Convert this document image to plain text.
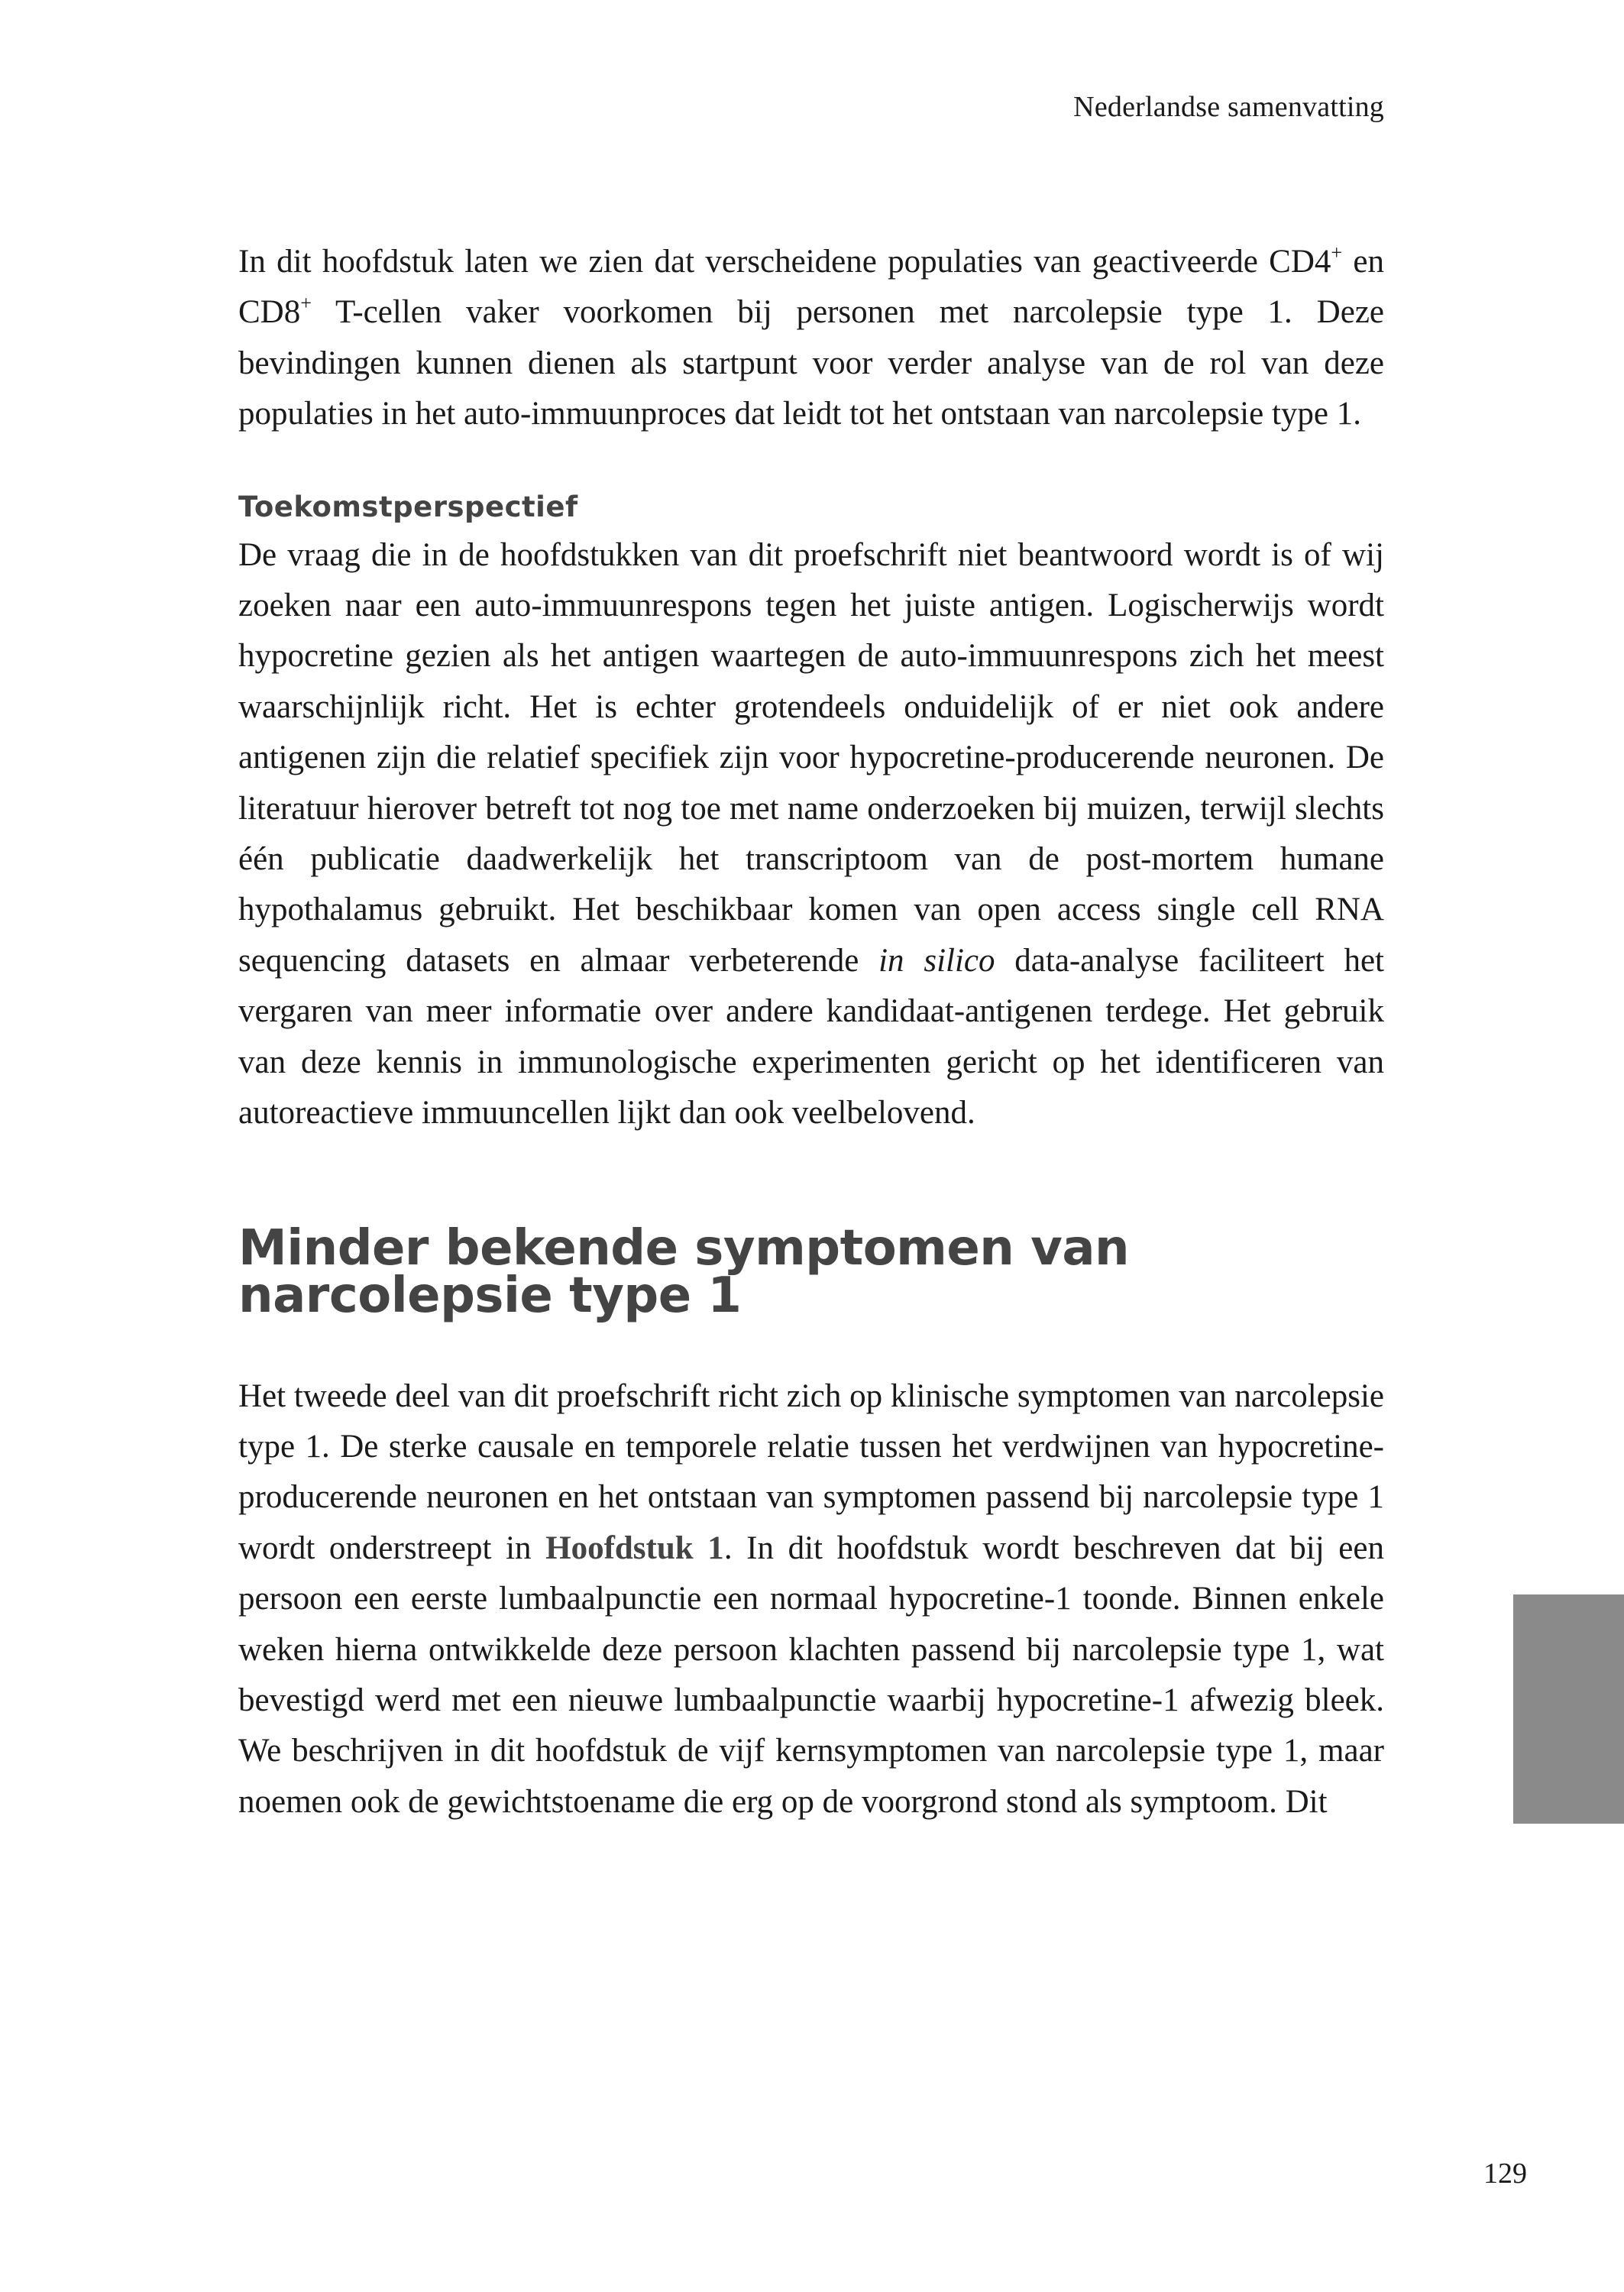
Nederlandse samenvatting

In dit hoofdstuk laten we zien dat verscheidene populaties van geactiveerde CD4+ en CD8+ T-cellen vaker voorkomen bij personen met narcolepsie type 1. Deze bevindingen kunnen dienen als startpunt voor verder analyse van de rol van deze populaties in het auto-immuunproces dat leidt tot het ontstaan van narcolepsie type 1.

Toekomstperspectief

De vraag die in de hoofdstukken van dit proefschrift niet beantwoord wordt is of wij zoeken naar een auto-immuunrespons tegen het juiste antigen. Logischerwijs wordt hypocretine gezien als het antigen waartegen de auto-immuunrespons zich het meest waarschijnlijk richt. Het is echter grotendeels onduidelijk of er niet ook andere antigenen zijn die relatief specifiek zijn voor hypocretine-producerende neuronen. De literatuur hierover betreft tot nog toe met name onderzoeken bij muizen, terwijl slechts één publicatie daadwerkelijk het transcriptoom van de post-mortem humane hypothalamus gebruikt. Het beschikbaar komen van open access single cell RNA sequencing datasets en almaar verbeterende in silico data-analyse faciliteert het vergaren van meer informatie over andere kandidaat-antigenen terdege. Het gebruik van deze kennis in immunologische experimenten gericht op het identificeren van autoreactieve immuuncellen lijkt dan ook veelbelovend.

Minder bekende symptomen van narcolepsie type 1

Het tweede deel van dit proefschrift richt zich op klinische symptomen van narcolepsie type 1. De sterke causale en temporele relatie tussen het verdwijnen van hypocretine-producerende neuronen en het ontstaan van symptomen passend bij narcolepsie type 1 wordt onderstreept in Hoofdstuk 1. In dit hoofdstuk wordt beschreven dat bij een persoon een eerste lumbaalpunctie een normaal hypocretine-1 toonde. Binnen enkele weken hierna ontwikkelde deze persoon klachten passend bij narcolepsie type 1, wat bevestigd werd met een nieuwe lumbaalpunctie waarbij hypocretine-1 afwezig bleek. We beschrijven in dit hoofdstuk de vijf kernsymptomen van narcolepsie type 1, maar noemen ook de gewichtstoename die erg op de voorgrond stond als symptoom. Dit

129
